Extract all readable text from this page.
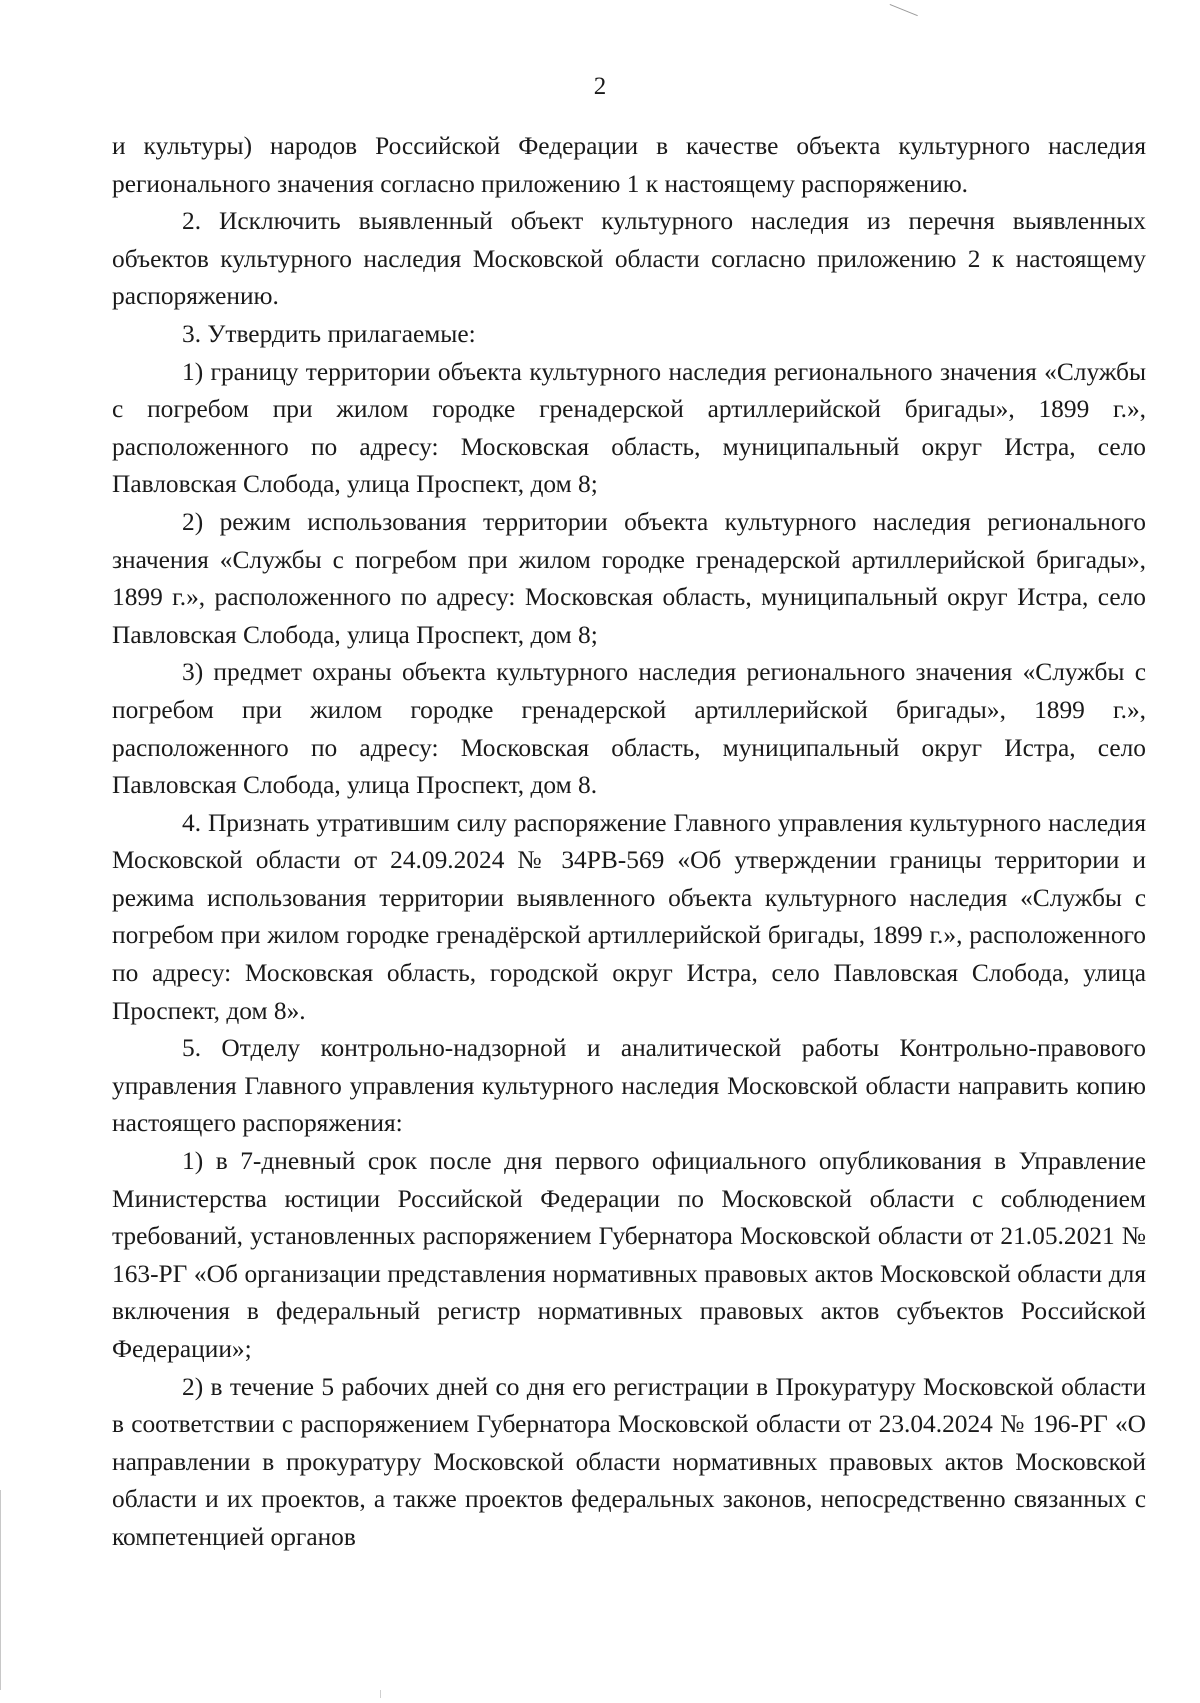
2

и культуры) народов Российской Федерации в качестве объекта культурного наследия регионального значения согласно приложению 1 к настоящему распоряжению.

2. Исключить выявленный объект культурного наследия из перечня выявленных объектов культурного наследия Московской области согласно приложению 2 к настоящему распоряжению.

3. Утвердить прилагаемые:

1) границу территории объекта культурного наследия регионального значения «Службы с погребом при жилом городке гренадерской артиллерийской бригады», 1899 г.», расположенного по адресу: Московская область, муниципальный округ Истра, село Павловская Слобода, улица Проспект, дом 8;

2) режим использования территории объекта культурного наследия регионального значения «Службы с погребом при жилом городке гренадерской артиллерийской бригады», 1899 г.», расположенного по адресу: Московская область, муниципальный округ Истра, село Павловская Слобода, улица Проспект, дом 8;

3) предмет охраны объекта культурного наследия регионального значения «Службы с погребом при жилом городке гренадерской артиллерийской бригады», 1899 г.», расположенного по адресу: Московская область, муниципальный округ Истра, село Павловская Слобода, улица Проспект, дом 8.

4. Признать утратившим силу распоряжение Главного управления культурного наследия Московской области от 24.09.2024 № 34РВ-569 «Об утверждении границы территории и режима использования территории выявленного объекта культурного наследия «Службы с погребом при жилом городке гренадёрской артиллерийской бригады, 1899 г.», расположенного по адресу: Московская область, городской округ Истра, село Павловская Слобода, улица Проспект, дом 8».

5. Отделу контрольно-надзорной и аналитической работы Контрольно-правового управления Главного управления культурного наследия Московской области направить копию настоящего распоряжения:

1) в 7-дневный срок после дня первого официального опубликования в Управление Министерства юстиции Российской Федерации по Московской области с соблюдением требований, установленных распоряжением Губернатора Московской области от 21.05.2021 № 163-РГ «Об организации представления нормативных правовых актов Московской области для включения в федеральный регистр нормативных правовых актов субъектов Российской Федерации»;

2) в течение 5 рабочих дней со дня его регистрации в Прокуратуру Московской области в соответствии с распоряжением Губернатора Московской области от 23.04.2024 № 196-РГ «О направлении в прокуратуру Московской области нормативных правовых актов Московской области и их проектов, а также проектов федеральных законов, непосредственно связанных с компетенцией органов
